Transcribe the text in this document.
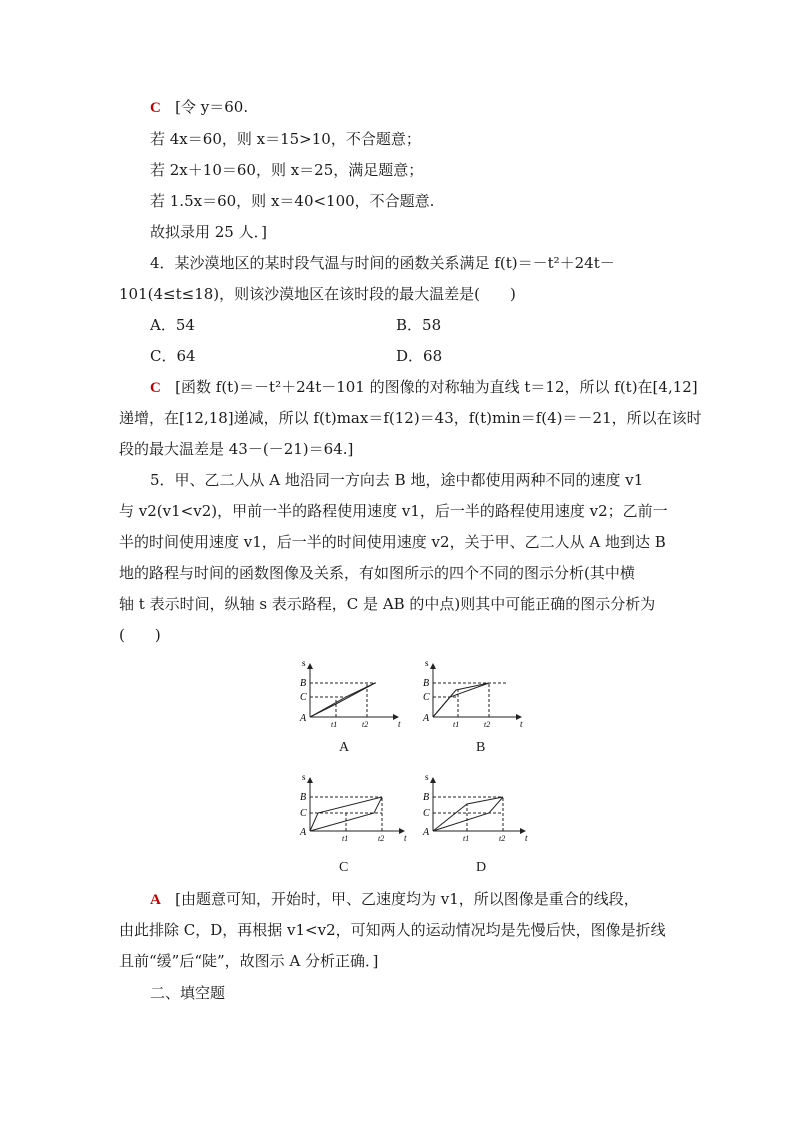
C [令 y＝60.
若 4x＝60，则 x＝15>10，不合题意；
若 2x＋10＝60，则 x＝25，满足题意；
若 1.5x＝60，则 x＝40<100，不合题意.
故拟录用 25 人．]
4．某沙漠地区的某时段气温与时间的函数关系满足 f(t)＝－t²＋24t－
101(4≤t≤18)，则该沙漠地区在该时段的最大温差是(　　)
A．54	B．58
C．64	D．68
C [函数 f(t)＝－t²＋24t－101 的图像的对称轴为直线 t＝12，所以 f(t)在[4,12]
递增，在[12,18]递减，所以 f(t)max＝f(12)＝43，f(t)min＝f(4)＝－21，所以在该时
段的最大温差是 43－(－21)＝64.]
5．甲、乙二人从 A 地沿同一方向去 B 地，途中都使用两种不同的速度 v1
与 v2(v1<v2)，甲前一半的路程使用速度 v1，后一半的路程使用速度 v2；乙前一
半的时间使用速度 v1，后一半的时间使用速度 v2，关于甲、乙二人从 A 地到达 B
地的路程与时间的函数图像及关系，有如图所示的四个不同的图示分析(其中横
轴 t 表示时间，纵轴 s 表示路程，C 是 AB 的中点)则其中可能正确的图示分析为
(　　)
s
B
C
A
t1	t2	t
s
B
C
A
t1	t2	t
s
B
C
A
t1	t2 t
s
B
C
A
t1	t2 t
A	B
C	D
A [由题意可知，开始时，甲、乙速度均为 v1，所以图像是重合的线段，
由此排除 C，D，再根据 v1<v2，可知两人的运动情况均是先慢后快，图像是折线
且前“缓”后“陡”，故图示 A 分析正确．]
二、填空题
